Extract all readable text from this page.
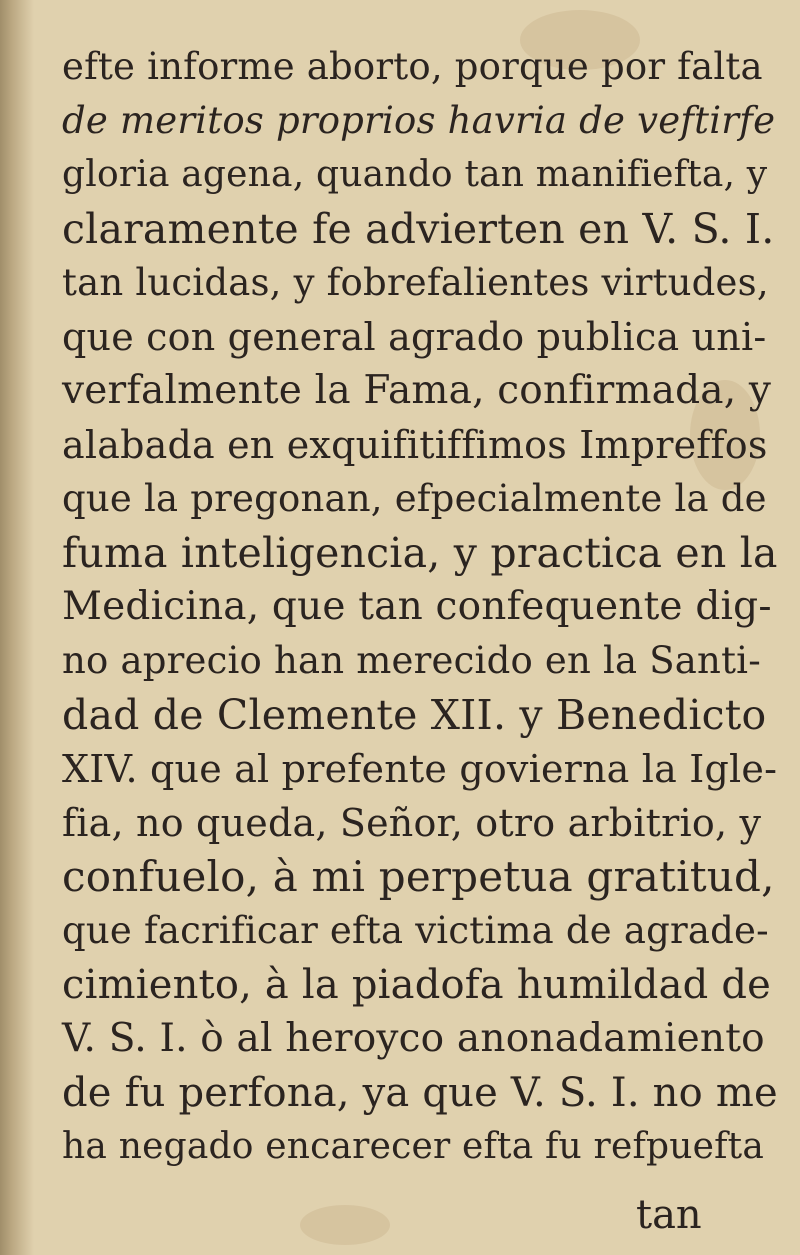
efte informe aborto, porque por falta
de meritos proprios havria de veftirfe
gloria agena, quando tan manifiefta, y
claramente fe advierten en V. S. I.
tan lucidas, y fobrefalientes virtudes,
que con general agrado publica uni-
verfalmente la Fama, confirmada, y
alabada en exquifitiffimos Impreffos
que la pregonan, efpecialmente la de
fuma inteligencia, y practica en la
Medicina, que tan confequente dig-
no aprecio han merecido en la Santi-
dad de Clemente XII. y Benedicto
XIV. que al prefente govierna la Igle-
fia, no queda, Señor, otro arbitrio, y
confuelo, à mi perpetua gratitud,
que facrificar efta victima de agrade-
cimiento, à la piadofa humildad de
V. S. I. ò al heroyco anonadamiento
de fu perfona, ya que V. S. I. no me
ha negado encarecer efta fu refpuefta
tan
